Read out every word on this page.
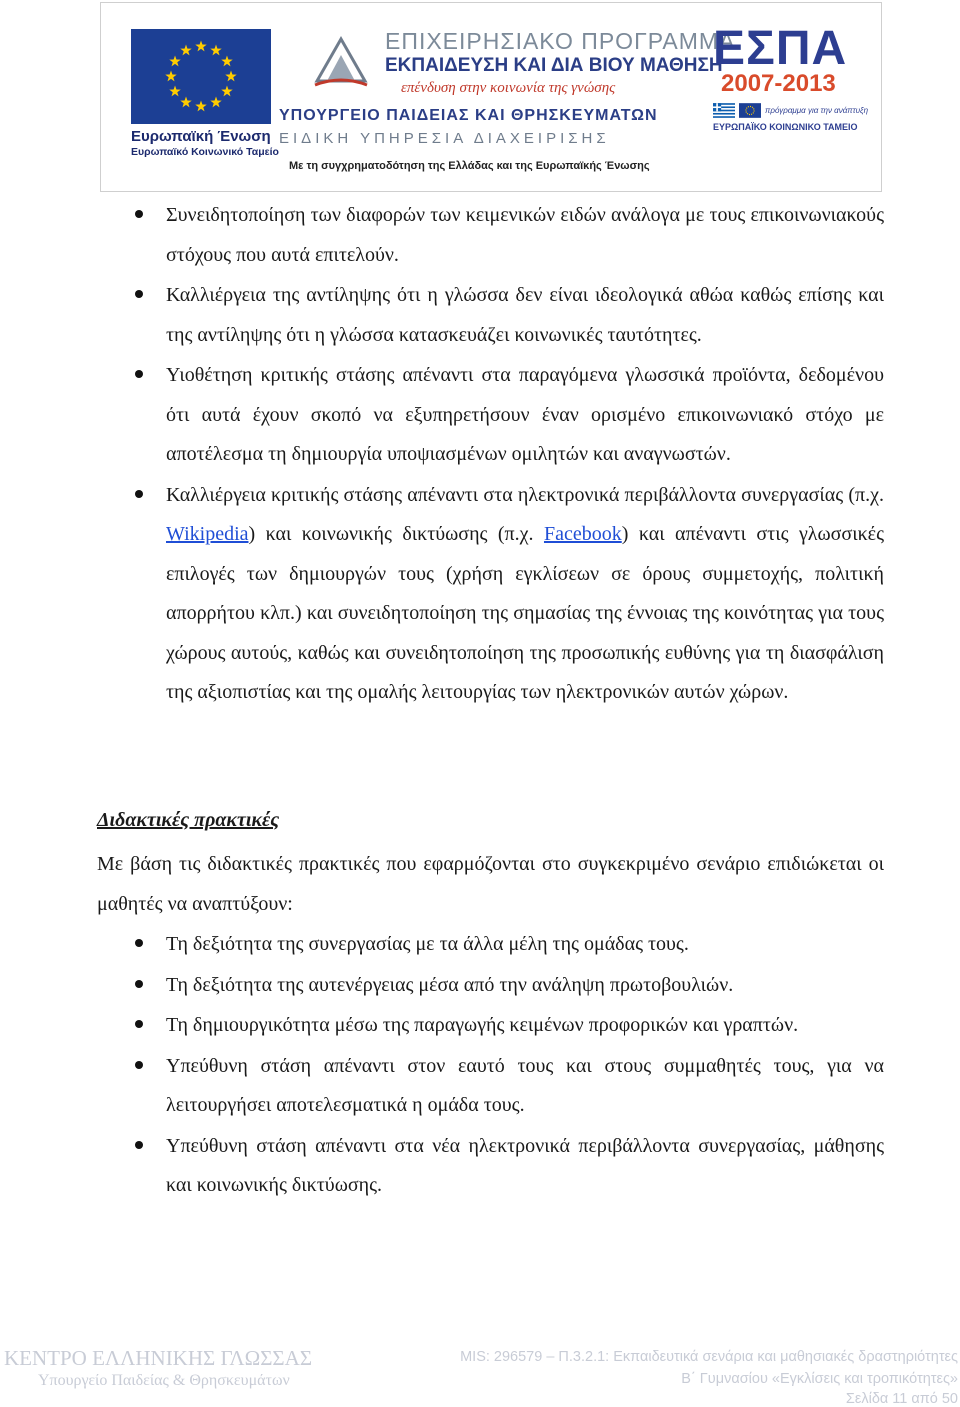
Ευρωπαϊκή Ένωση
Ευρωπαϊκό Κοινωνικό Ταμείο
ΕΠΙΧΕΙΡΗΣΙΑΚΟ ΠΡΟΓΡΑΜΜΑ
ΕΚΠΑΙΔΕΥΣΗ ΚΑΙ ΔΙΑ ΒΙΟΥ ΜΑΘΗΣΗ
επένδυση στην κοινωνία της γνώσης
ΥΠΟΥΡΓΕΙΟ ΠΑΙΔΕΙΑΣ ΚΑΙ ΘΡΗΣΚΕΥΜΑΤΩΝ
ΕΙΔΙΚΗ ΥΠΗΡΕΣΙΑ ΔΙΑΧΕΙΡΙΣΗΣ
Με τη συγχρηματοδότηση της Ελλάδας και της Ευρωπαϊκής Ένωσης
ΕΣΠΑ
2007-2013
πρόγραμμα για την ανάπτυξη
ΕΥΡΩΠΑΪΚΟ ΚΟΙΝΩΝΙΚΟ ΤΑΜΕΙΟ
Συνειδητοποίηση των διαφορών των κειμενικών ειδών ανάλογα με τους επικοινωνιακούς στόχους που αυτά επιτελούν.
Καλλιέργεια της αντίληψης ότι η γλώσσα δεν είναι ιδεολογικά αθώα καθώς επίσης και της αντίληψης ότι η γλώσσα κατασκευάζει κοινωνικές ταυτότητες.
Υιοθέτηση κριτικής στάσης απέναντι στα παραγόμενα γλωσσικά προϊόντα, δεδομένου ότι αυτά έχουν σκοπό να εξυπηρετήσουν έναν ορισμένο επικοινωνιακό στόχο με αποτέλεσμα τη δημιουργία υποψιασμένων ομιλητών και αναγνωστών.
Καλλιέργεια κριτικής στάσης απέναντι στα ηλεκτρονικά περιβάλλοντα συνεργασίας (π.χ. Wikipedia) και κοινωνικής δικτύωσης (π.χ. Facebook) και απέναντι στις γλωσσικές επιλογές των δημιουργών τους (χρήση εγκλίσεων σε όρους συμμετοχής, πολιτική απορρήτου κλπ.) και συνειδητοποίηση της σημασίας της έννοιας της κοινότητας για τους χώρους αυτούς, καθώς και συνειδητοποίηση της προσωπικής ευθύνης για τη διασφάλιση της αξιοπιστίας και της ομαλής λειτουργίας των ηλεκτρονικών αυτών χώρων.
Διδακτικές πρακτικές

Με βάση τις διδακτικές πρακτικές που εφαρμόζονται στο συγκεκριμένο σενάριο επιδιώκεται οι μαθητές να αναπτύξουν:

Τη δεξιότητα της συνεργασίας με τα άλλα μέλη της ομάδας τους.
Τη δεξιότητα της αυτενέργειας μέσα από την ανάληψη πρωτοβουλιών.
Τη δημιουργικότητα μέσω της παραγωγής κειμένων προφορικών και γραπτών.
Υπεύθυνη στάση απέναντι στον εαυτό τους και στους συμμαθητές τους, για να λειτουργήσει αποτελεσματικά η ομάδα τους.
Υπεύθυνη στάση απέναντι στα νέα ηλεκτρονικά περιβάλλοντα συνεργασίας, μάθησης και κοινωνικής δικτύωσης.
ΚΕΝΤΡΟ ΕΛΛΗΝΙΚΗΣ ΓΛΩΣΣΑΣ
Υπουργείο Παιδείας & Θρησκευμάτων
MIS: 296579 – Π.3.2.1: Εκπαιδευτικά σενάρια και μαθησιακές δραστηριότητες
Β΄ Γυμνασίου «Εγκλίσεις και τροπικότητες»
Σελίδα 11 από 50
